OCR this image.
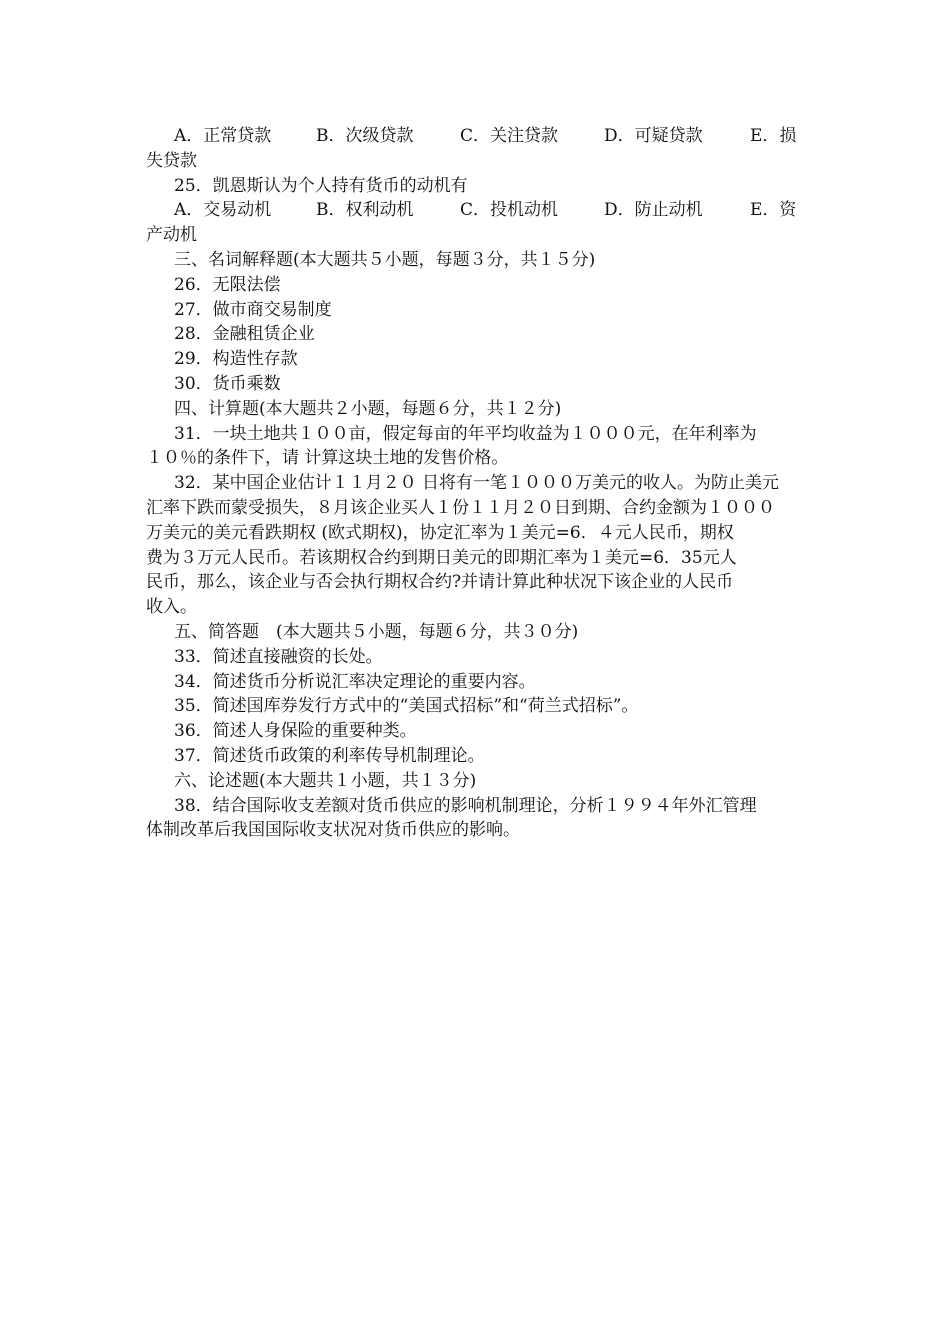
A．正常贷款	B．次级贷款	C．关注贷款	D．可疑贷款	E．损

失贷款

25．凯恩斯认为个人持有货币的动机有

A．交易动机	B．权利动机	C．投机动机	D．防止动机	E．资

产动机

三、名词解释题(本大题共５小题，每题３分，共１５分)

26．无限法偿

27．做市商交易制度

28．金融租赁企业

29．构造性存款

30．货币乘数

四、计算题(本大题共２小题，每题６分，共１２分)

31．一块土地共１００亩，假定每亩的年平均收益为１０００元，在年利率为

１０％的条件下，请 计算这块土地的发售价格。

32．某中国企业估计１１月２０ 日将有一笔１０００万美元的收人。为防止美元

汇率下跌而蒙受损失，８月该企业买人１份１１月２０日到期、合约金额为１０００

万美元的美元看跌期权 (欧式期权)，协定汇率为１美元=6．４元人民币，期权

费为３万元人民币。若该期权合约到期日美元的即期汇率为１美元=6．35元人

民币，那么，该企业与否会执行期权合约?并请计算此种状况下该企业的人民币

收入。

五、简答题　(本大题共５小题，每题６分，共３０分)

33．简述直接融资的长处。

34．简述货币分析说汇率决定理论的重要内容。

35．简述国库券发行方式中的“美国式招标”和“荷兰式招标”。

36．简述人身保险的重要种类。

37．简述货币政策的利率传导机制理论。

六、论述题(本大题共１小题，共１３分)

38．结合国际收支差额对货币供应的影响机制理论，分析１９９４年外汇管理

体制改革后我国国际收支状况对货币供应的影响。
